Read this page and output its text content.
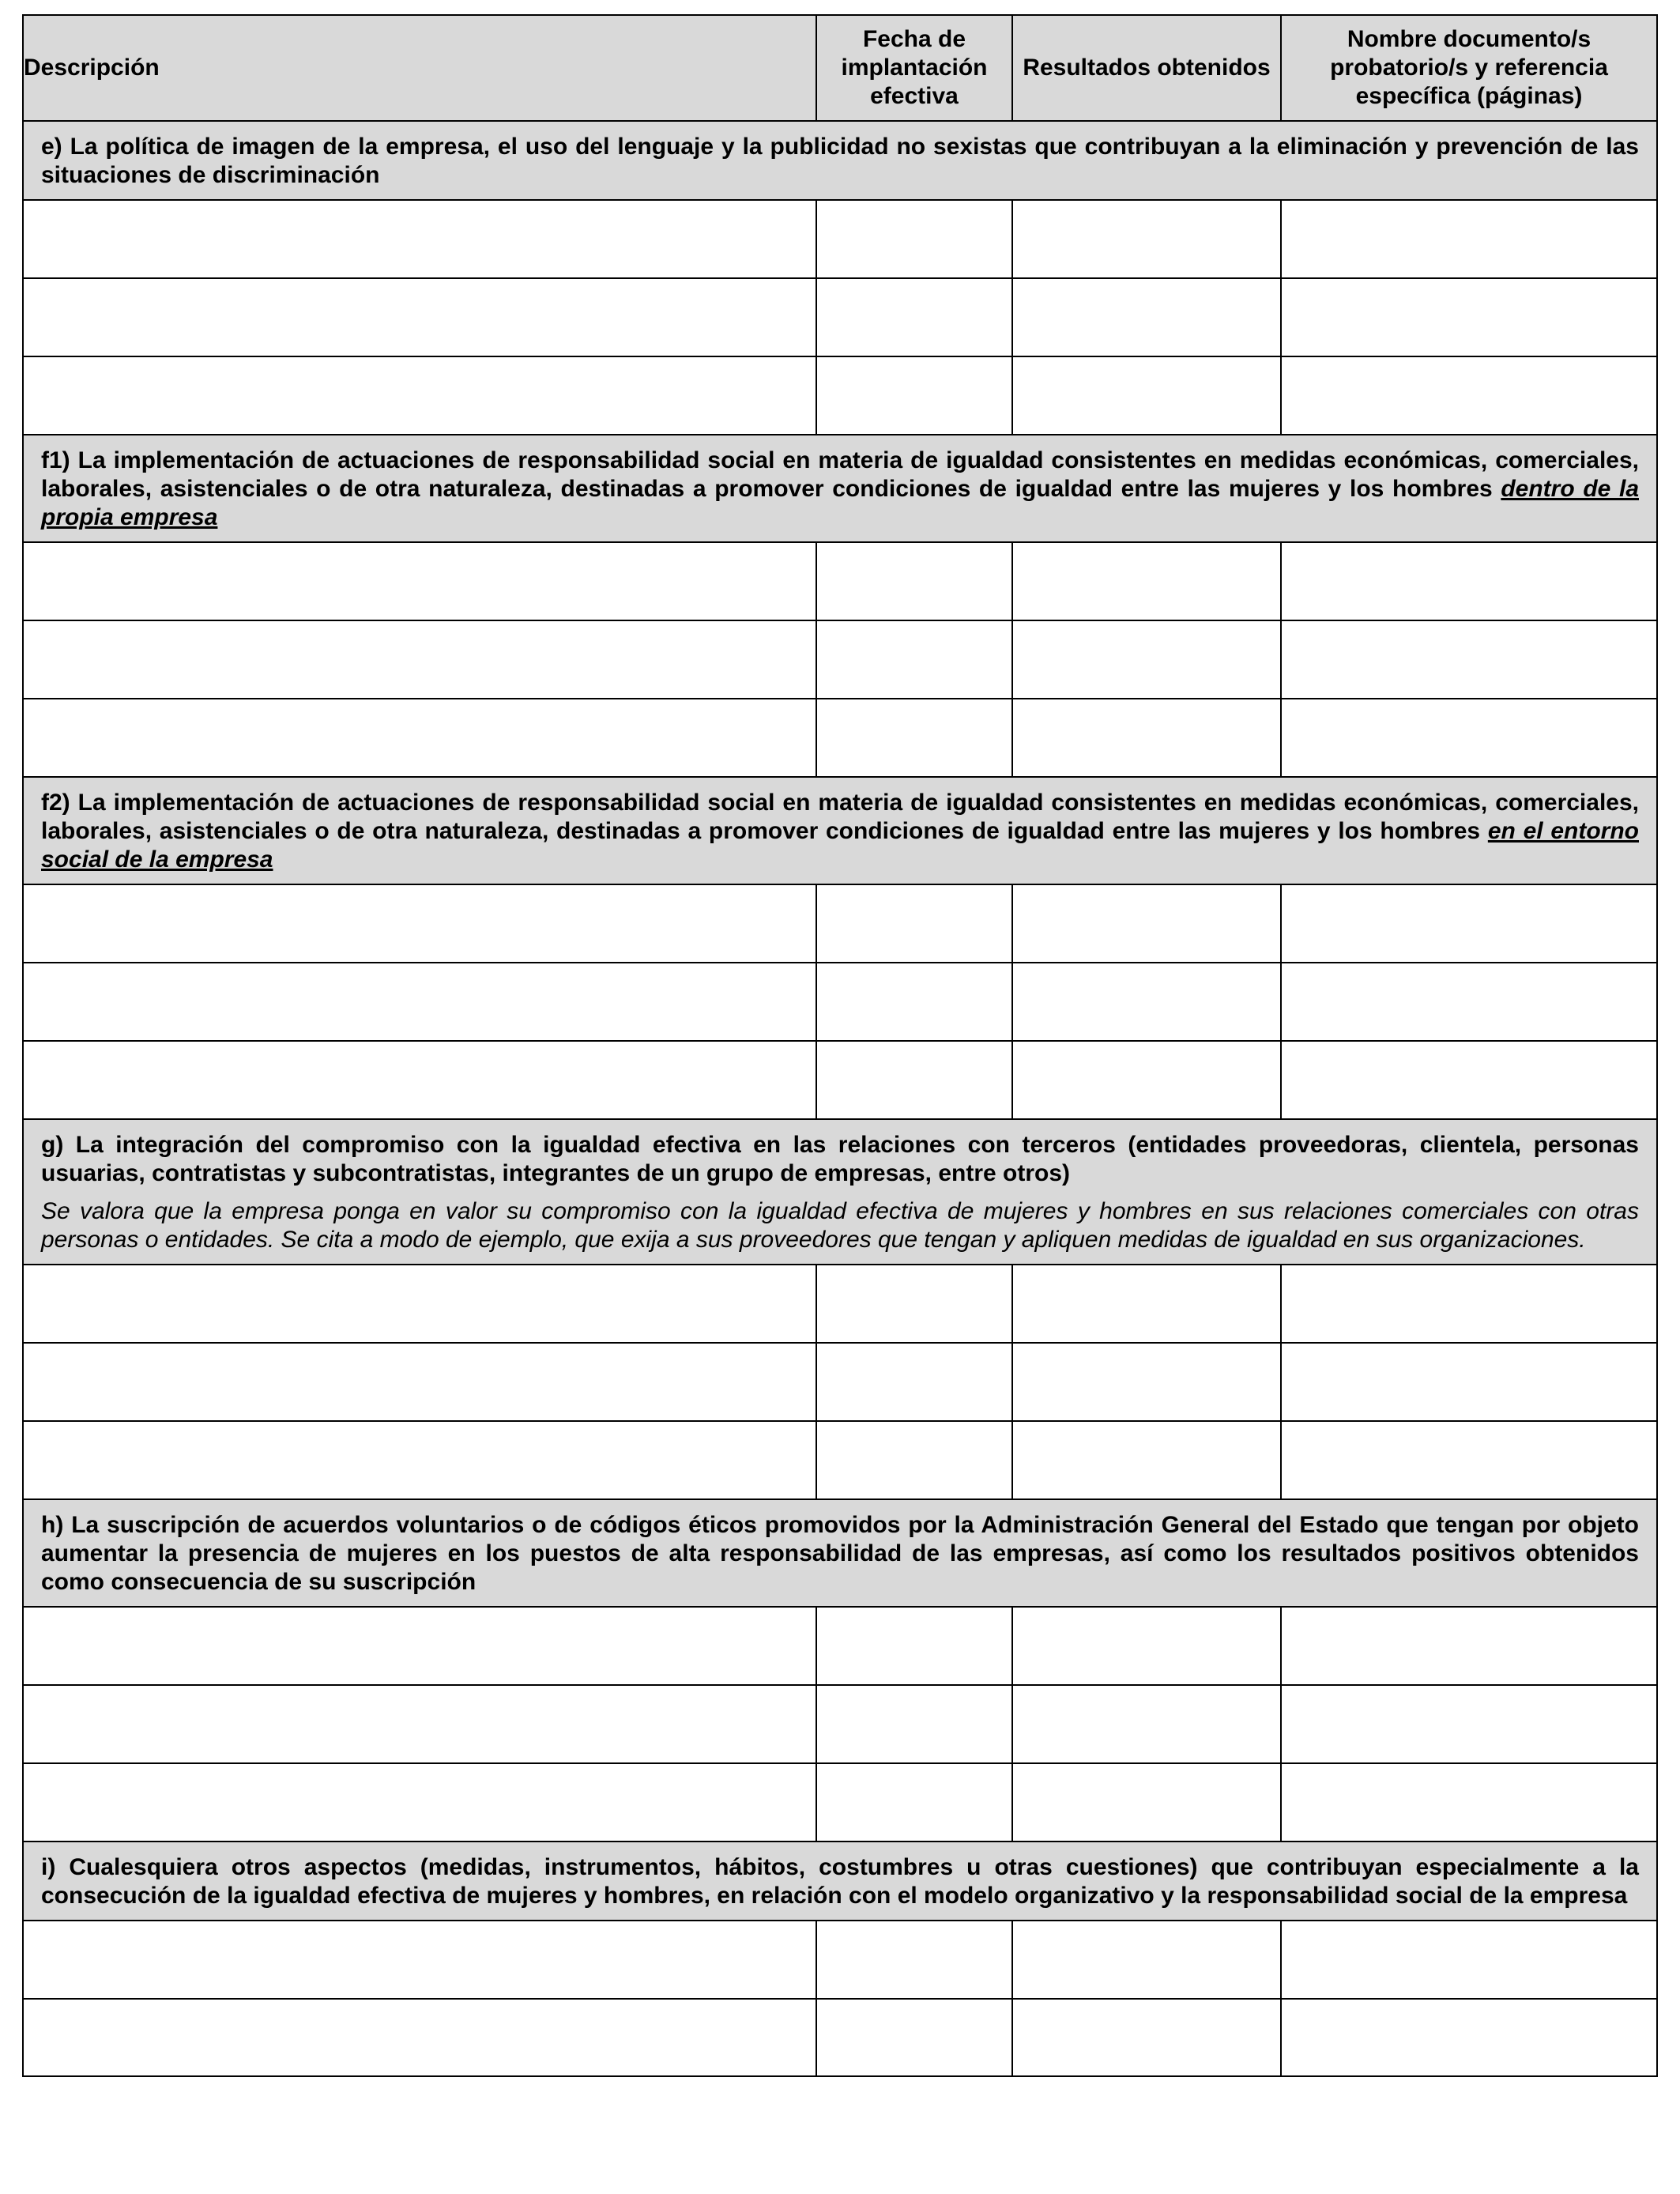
Descripción	Fecha de implantación efectiva	Resultados obtenidos	Nombre documento/s probatorio/s y referencia específica (páginas)

e) La política de imagen de la empresa, el uso del lenguaje y la publicidad no sexistas que contribuyan a la eliminación y prevención de las situaciones de discriminación			

f1) La implementación de actuaciones de responsabilidad social en materia de igualdad consistentes en medidas económicas, comerciales, laborales, asistenciales o de otra naturaleza, destinadas a promover condiciones de igualdad entre las mujeres y los hombres dentro de la propia empresa			

f2) La implementación de actuaciones de responsabilidad social en materia de igualdad consistentes en medidas económicas, comerciales, laborales, asistenciales o de otra naturaleza, destinadas a promover condiciones de igualdad entre las mujeres y los hombres en el entorno social de la empresa			

g) La integración del compromiso con la igualdad efectiva en las relaciones con terceros (entidades proveedoras, clientela, personas usuarias, contratistas y subcontratistas, integrantes de un grupo de empresas, entre otros)
Se valora que la empresa ponga en valor su compromiso con la igualdad efectiva de mujeres y hombres en sus relaciones comerciales con otras personas o entidades. Se cita a modo de ejemplo, que exija a sus proveedores que tengan y apliquen medidas de igualdad en sus organizaciones.			

h) La suscripción de acuerdos voluntarios o de códigos éticos promovidos por la Administración General del Estado que tengan por objeto aumentar la presencia de mujeres en los puestos de alta responsabilidad de las empresas, así como los resultados positivos obtenidos como consecuencia de su suscripción			

i) Cualesquiera otros aspectos (medidas, instrumentos, hábitos, costumbres u otras cuestiones) que contribuyan especialmente a la consecución de la igualdad efectiva de mujeres y hombres, en relación con el modelo organizativo y la responsabilidad social de la empresa			
